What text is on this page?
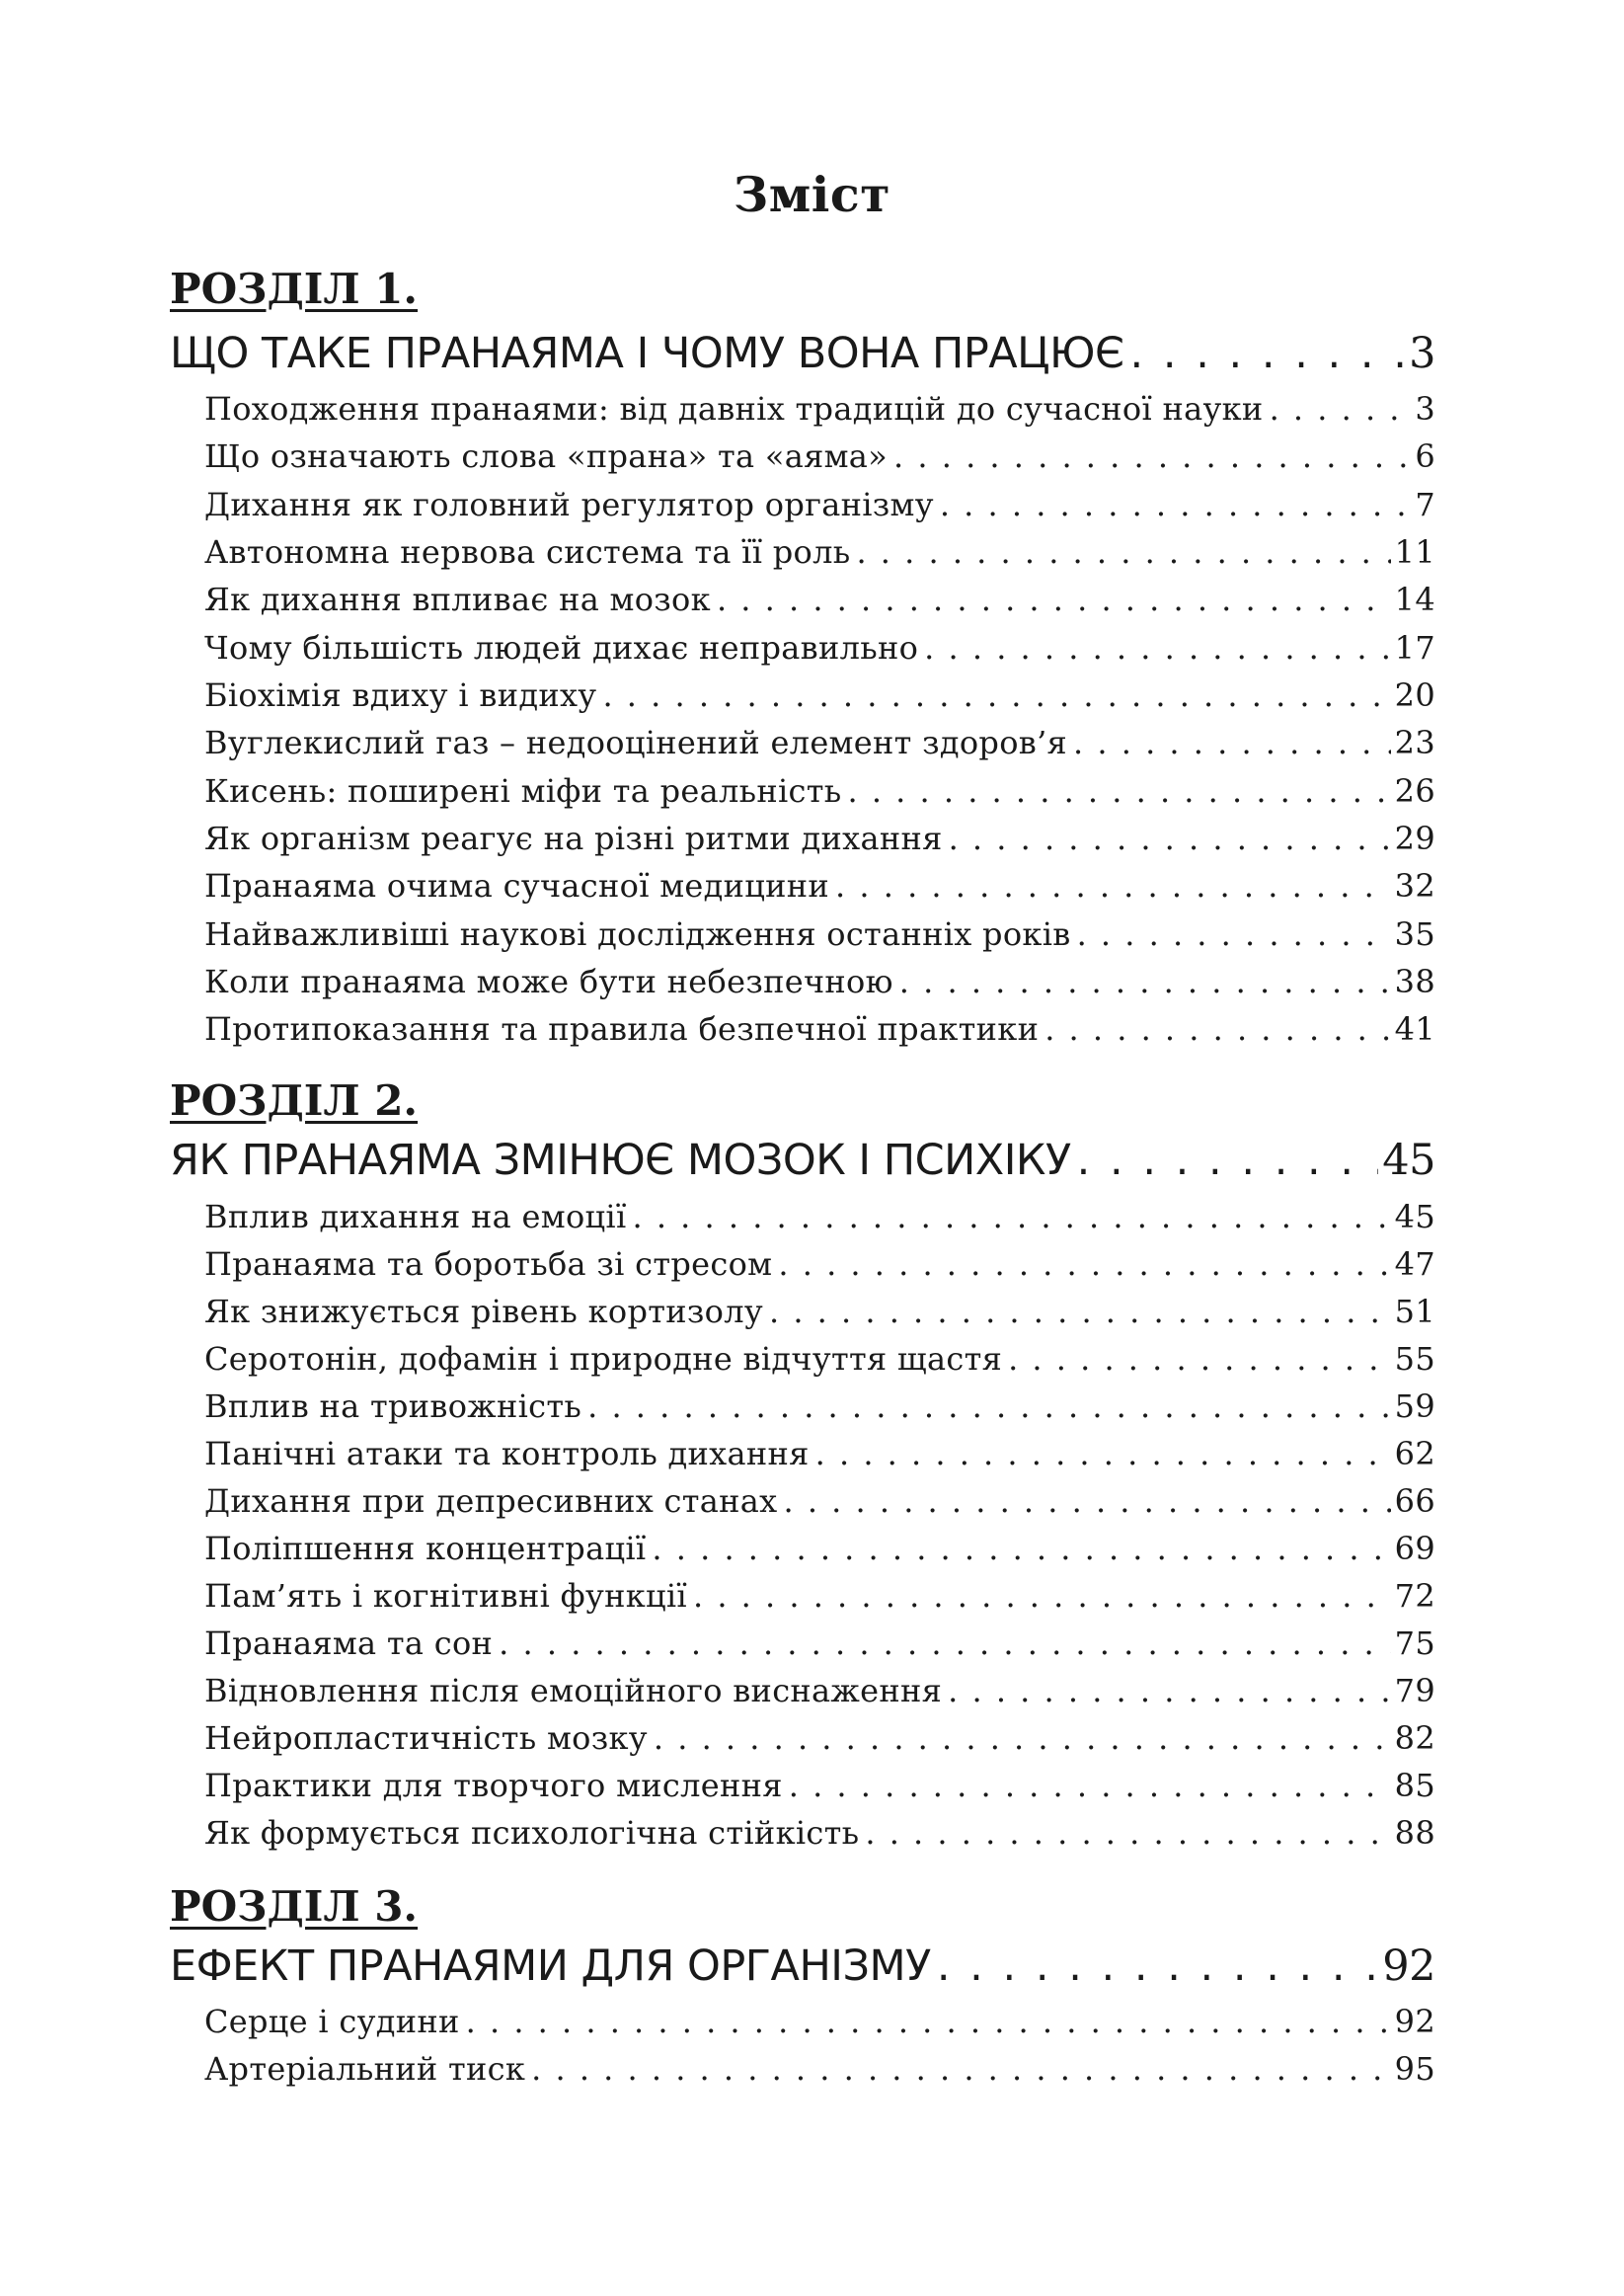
Зміст
РОЗДІЛ 1.
ЩО ТАКЕ ПРАНАЯМА І ЧОМУ ВОНА ПРАЦЮЄ . . .	3
Походження пранаями: від давніх традицій до сучасної науки . . .	3
Що означають слова «прана» та «аяма» . . .	6
Дихання як головний регулятор організму . . .	7
Автономна нервова система та її роль . . .	11
Як дихання впливає на мозок . . .	14
Чому більшість людей дихає неправильно . . .	17
Біохімія вдиху і видиху . . .	20
Вуглекислий газ – недооцінений елемент здоров’я . . .	23
Кисень: поширені міфи та реальність . . .	26
Як організм реагує на різні ритми дихання . . .	29
Пранаяма очима сучасної медицини . . .	32
Найважливіші наукові дослідження останніх років . . .	35
Коли пранаяма може бути небезпечною . . .	38
Протипоказання та правила безпечної практики . . .	41
РОЗДІЛ 2.
ЯК ПРАНАЯМА ЗМІНЮЄ МОЗОК І ПСИХІКУ . . .	45
Вплив дихання на емоції . . .	45
Пранаяма та боротьба зі стресом . . .	47
Як знижується рівень кортизолу . . .	51
Серотонін, дофамін і природне відчуття щастя . . .	55
Вплив на тривожність . . .	59
Панічні атаки та контроль дихання . . .	62
Дихання при депресивних станах . . .	66
Поліпшення концентрації . . .	69
Пам’ять і когнітивні функції . . .	72
Пранаяма та сон . . .	75
Відновлення після емоційного виснаження . . .	79
Нейропластичність мозку . . .	82
Практики для творчого мислення . . .	85
Як формується психологічна стійкість . . .	88
РОЗДІЛ 3.
ЕФЕКТ ПРАНАЯМИ ДЛЯ ОРГАНІЗМУ . . .	92
Серце і судини . . .	92
Артеріальний тиск . . .	95
